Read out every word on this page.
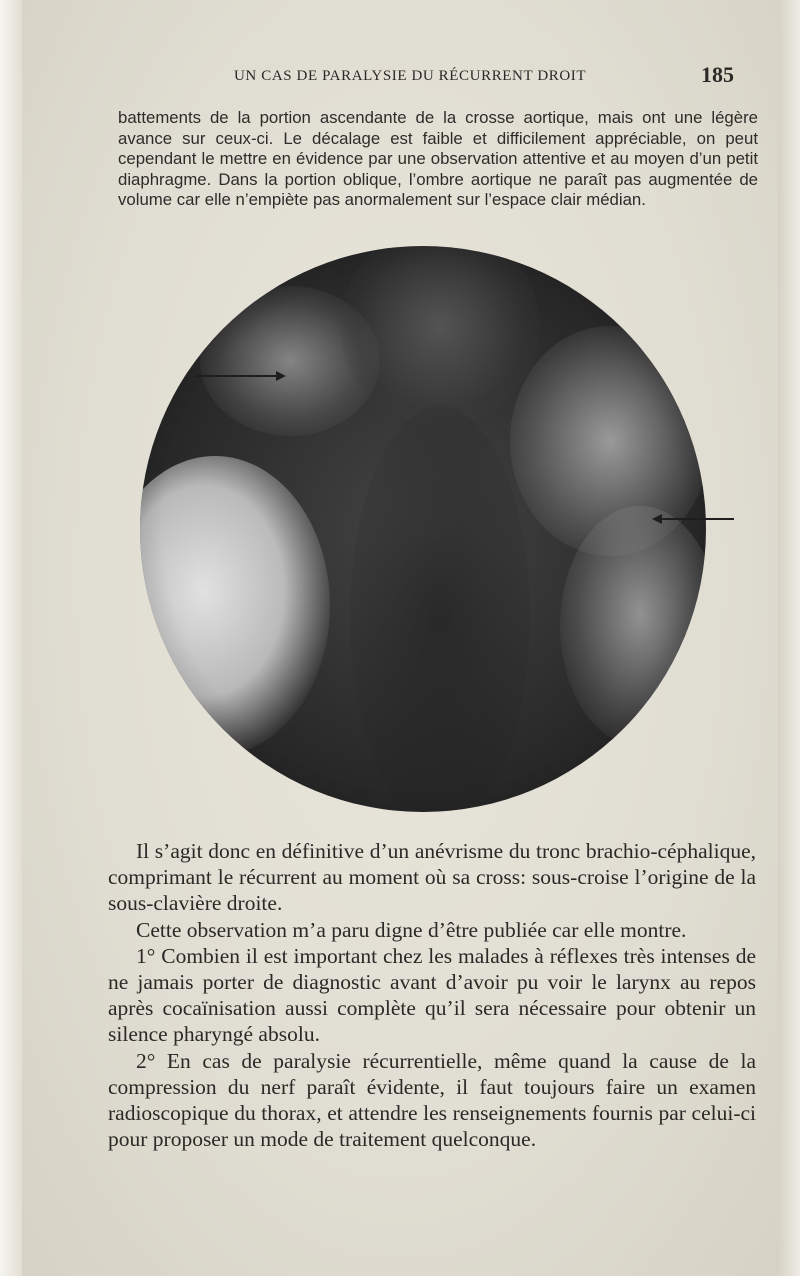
UN CAS DE PARALYSIE DU RÉCURRENT DROIT	185

battements de la portion ascendante de la crosse aortique, mais ont une légère avance sur ceux-ci. Le décalage est faible et difficilement appréciable, on peut cependant le mettre en évidence par une observation attentive et au moyen d’un petit diaphragme. Dans la portion oblique, l’ombre aortique ne paraît pas augmentée de volume car elle n’empiète pas anormalement sur l’espace clair médian.

Il s’agit donc en définitive d’un anévrisme du tronc brachio-céphalique, comprimant le récurrent au moment où sa cross: sous-croise l’origine de la sous-clavière droite.

Cette observation m’a paru digne d’être publiée car elle montre.

1° Combien il est important chez les malades à réflexes très intenses de ne jamais porter de diagnostic avant d’avoir pu voir le larynx au repos après cocaïnisation aussi complète qu’il sera nécessaire pour obtenir un silence pharyngé absolu.

2° En cas de paralysie récurrentielle, même quand la cause de la compression du nerf paraît évidente, il faut toujours faire un examen radioscopique du thorax, et attendre les renseignements fournis par celui-ci pour proposer un mode de traitement quelconque.
